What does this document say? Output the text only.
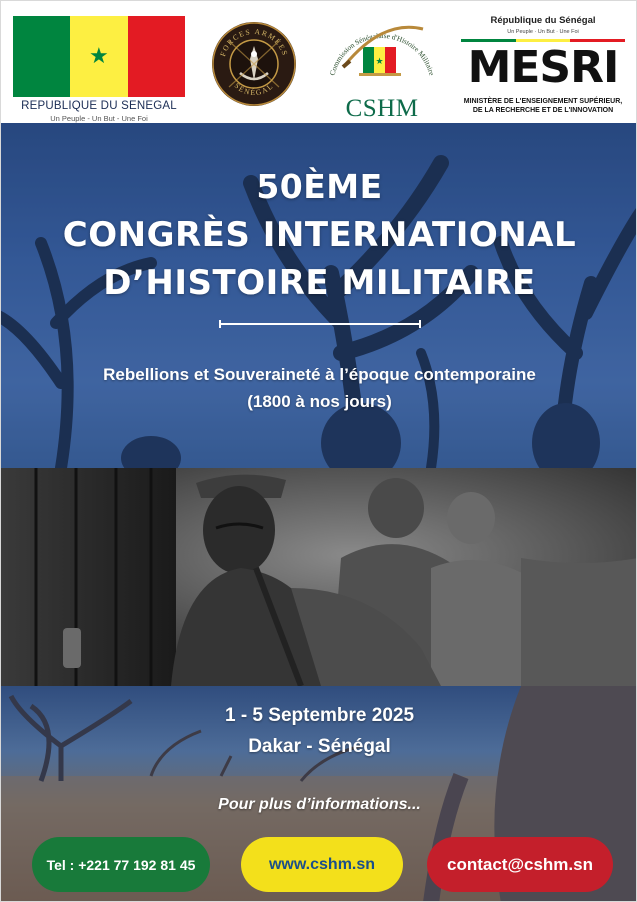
★
REPUBLIQUE DU SENEGAL
Un Peuple - Un But - Une Foi
FORCES ARMÉES
SÉNÉGAL
Commission Sénégalaise d'Histoire Militaire
★
CSHM
République du Sénégal
Un Peuple · Un But · Une Foi
MESRI
MINISTÈRE DE L'ENSEIGNEMENT SUPÉRIEUR,
DE LA RECHERCHE ET DE L'INNOVATION
50ÈME
CONGRÈS INTERNATIONAL
D’HISTOIRE MILITAIRE
Rebellions et Souveraineté à l’époque contemporaine
(1800 à nos jours)
1 - 5 Septembre 2025
Dakar - Sénégal
Pour plus d’informations...
Tel : +221 77 192 81 45	www.cshm.sn	contact@cshm.sn
